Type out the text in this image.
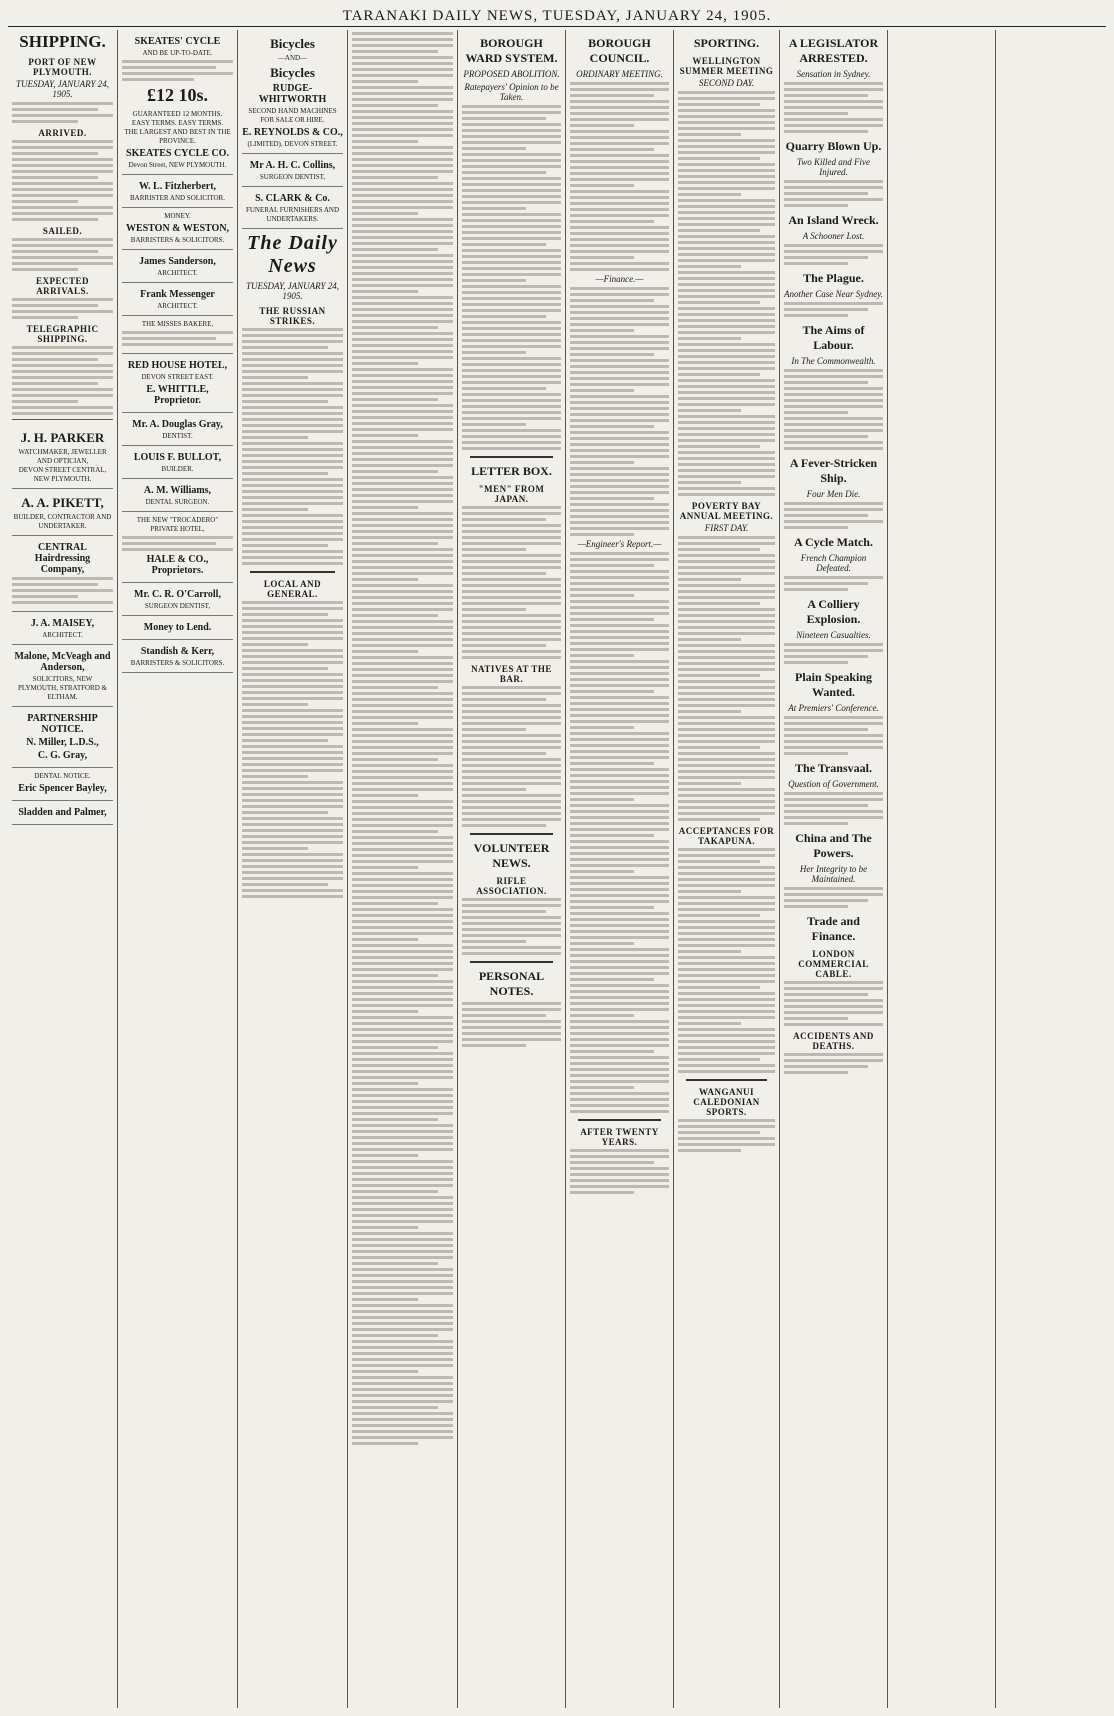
TARANAKI DAILY NEWS, TUESDAY, JANUARY 24, 1905.
SHIPPING.
PORT OF NEW PLYMOUTH.
TUESDAY, JANUARY 24, 1905.
ARRIVED.
SAILED.
EXPECTED ARRIVALS.
TELEGRAPHIC SHIPPING.
J. H. PARKER
WATCHMAKER, JEWELLER AND OPTICIAN,
DEVON STREET CENTRAL, NEW PLYMOUTH.
A. A. PIKETT,
BUILDER, CONTRACTOR AND UNDERTAKER.
CENTRAL Hairdressing Company,
J. A. MAISEY,
ARCHITECT.
Malone, McVeagh and Anderson,
SOLICITORS, NEW PLYMOUTH, STRATFORD & ELTHAM.
PARTNERSHIP NOTICE.
N. Miller, L.D.S.,
C. G. Gray,
DENTAL NOTICE.
Eric Spencer Bayley,
Sladden and Palmer,
SKEATES' CYCLE
AND BE UP-TO-DATE.
£12 10s.
GUARANTEED 12 MONTHS.
EASY TERMS. EASY TERMS.
THE LARGEST AND BEST IN THE PROVINCE.
SKEATES CYCLE CO.
Devon Street, NEW PLYMOUTH.
W. L. Fitzherbert,
BARRISTER AND SOLICITOR.
MONEY.
WESTON & WESTON,
BARRISTERS & SOLICITORS.
James Sanderson,
ARCHITECT.
Frank Messenger
ARCHITECT.
THE MISSES BAKERE,
RED HOUSE HOTEL,
DEVON STREET EAST.
E. WHITTLE, Proprietor.
Mr. A. Douglas Gray,
DENTIST.
LOUIS F. BULLOT,
BUILDER.
A. M. Williams,
DENTAL SURGEON.
THE NEW "TROCADERO" PRIVATE HOTEL,
HALE & CO., Proprietors.
Mr. C. R. O'Carroll,
SURGEON DENTIST,
Money to Lend.
Standish & Kerr,
BARRISTERS & SOLICITORS.
Bicycles
—AND—
Bicycles
RUDGE-WHITWORTH
SECOND HAND MACHINES FOR SALE OR HIRE.
E. REYNOLDS & CO.,
(LIMITED), DEVON STREET.
Mr A. H. C. Collins,
SURGEON DENTIST,
S. CLARK & Co.
FUNERAL FURNISHERS AND UNDERTAKERS.
The Daily News
TUESDAY, JANUARY 24, 1905.
THE RUSSIAN STRIKES.
LOCAL AND GENERAL.
BOROUGH WARD SYSTEM.
PROPOSED ABOLITION.
Ratepayers' Opinion to be Taken.
LETTER BOX.
"MEN" FROM JAPAN.
NATIVES AT THE BAR.
VOLUNTEER NEWS.
RIFLE ASSOCIATION.
PERSONAL NOTES.
BOROUGH COUNCIL.
ORDINARY MEETING.
—Finance.—
—Engineer's Report.—
AFTER TWENTY YEARS.
SPORTING.
WELLINGTON SUMMER MEETING
SECOND DAY.
POVERTY BAY ANNUAL MEETING.
FIRST DAY.
ACCEPTANCES FOR TAKAPUNA.
WANGANUI CALEDONIAN SPORTS.
A LEGISLATOR ARRESTED.
Sensation in Sydney.
Quarry Blown Up.
Two Killed and Five Injured.
An Island Wreck.
A Schooner Lost.
The Plague.
Another Case Near Sydney.
The Aims of Labour.
In The Commonwealth.
A Fever-Stricken Ship.
Four Men Die.
A Cycle Match.
French Champion Defeated.
A Colliery Explosion.
Nineteen Casualties.
Plain Speaking Wanted.
At Premiers' Conference.
The Transvaal.
Question of Government.
China and The Powers.
Her Integrity to be Maintained.
Trade and Finance.
LONDON COMMERCIAL CABLE.
ACCIDENTS AND DEATHS.
